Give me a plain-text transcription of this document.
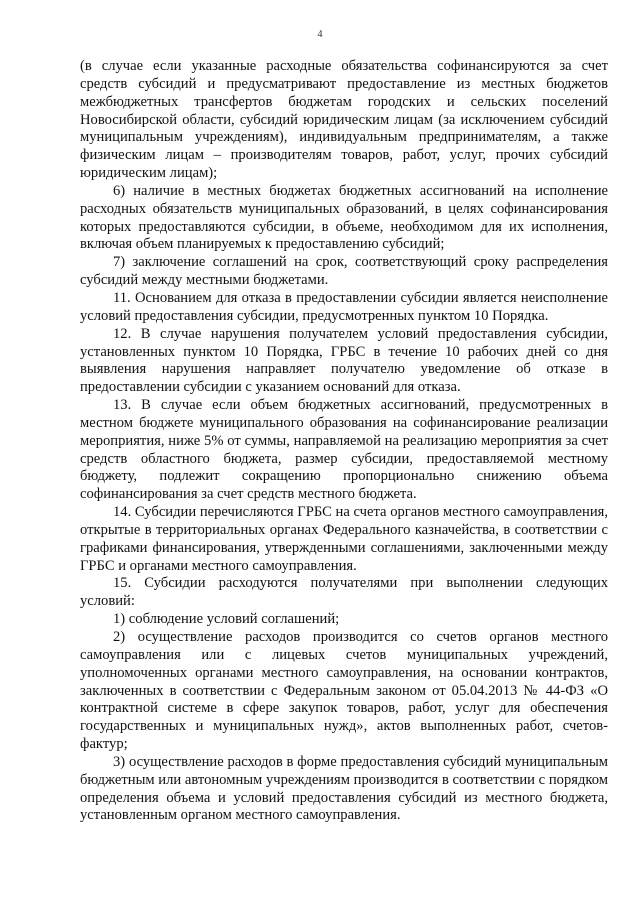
4

(в случае если указанные расходные обязательства софинансируются за счет средств субсидий и предусматривают предоставление из местных бюджетов межбюджетных трансфертов бюджетам городских и сельских поселений Новосибирской области, субсидий юридическим лицам (за исключением субсидий муниципальным учреждениям), индивидуальным предпринимателям, а также физическим лицам – производителям товаров, работ, услуг, прочих субсидий юридическим лицам);

6) наличие в местных бюджетах бюджетных ассигнований на исполнение расходных обязательств муниципальных образований, в целях софинансирования которых предоставляются субсидии, в объеме, необходимом для их исполнения, включая объем планируемых к предоставлению субсидий;

7) заключение соглашений на срок, соответствующий сроку распределения субсидий между местными бюджетами.

11. Основанием для отказа в предоставлении субсидии является неисполнение условий предоставления субсидии, предусмотренных пунктом 10 Порядка.

12. В случае нарушения получателем условий предоставления субсидии, установленных пунктом 10 Порядка, ГРБС в течение 10 рабочих дней со дня выявления нарушения направляет получателю уведомление об отказе в предоставлении субсидии с указанием оснований для отказа.

13. В случае если объем бюджетных ассигнований, предусмотренных в местном бюджете муниципального образования на софинансирование реализации мероприятия, ниже 5% от суммы, направляемой на реализацию мероприятия за счет средств областного бюджета, размер субсидии, предоставляемой местному бюджету, подлежит сокращению пропорционально снижению объема софинансирования за счет средств местного бюджета.

14. Субсидии перечисляются ГРБС на счета органов местного самоуправления, открытые в территориальных органах Федерального казначейства, в соответствии с графиками финансирования, утвержденными соглашениями, заключенными между ГРБС и органами местного самоуправления.

15. Субсидии расходуются получателями при выполнении следующих условий:

1) соблюдение условий соглашений;

2) осуществление расходов производится со счетов органов местного самоуправления или с лицевых счетов муниципальных учреждений, уполномоченных органами местного самоуправления, на основании контрактов, заключенных в соответствии с Федеральным законом от 05.04.2013 № 44-ФЗ «О контрактной системе в сфере закупок товаров, работ, услуг для обеспечения государственных и муниципальных нужд», актов выполненных работ, счетов-фактур;

3) осуществление расходов в форме предоставления субсидий муниципальным бюджетным или автономным учреждениям производится в соответствии с порядком определения объема и условий предоставления субсидий из местного бюджета, установленным органом местного самоуправления.
